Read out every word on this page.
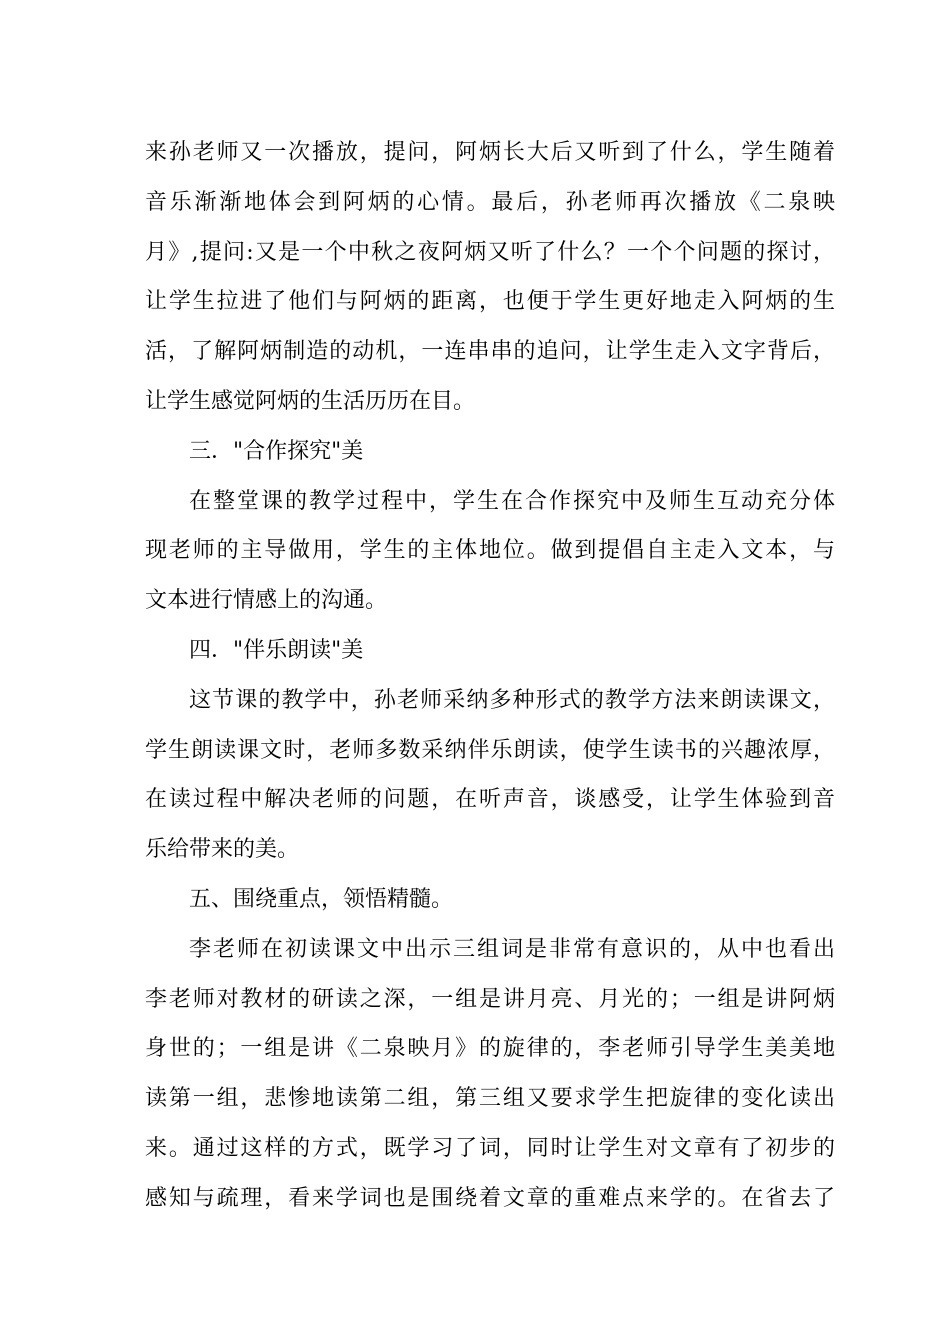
来孙老师又一次播放，提问，阿炳长大后又听到了什么，学生随着
音乐渐渐地体会到阿炳的心情。最后，孙老师再次播放《二泉映
月》,提问:又是一个中秋之夜阿炳又听了什么？一个个问题的探讨，
让学生拉进了他们与阿炳的距离，也便于学生更好地走入阿炳的生
活，了解阿炳制造的动机，一连串串的追问，让学生走入文字背后，
让学生感觉阿炳的生活历历在目。
三．"合作探究"美
在整堂课的教学过程中，学生在合作探究中及师生互动充分体
现老师的主导做用，学生的主体地位。做到提倡自主走入文本，与
文本进行情感上的沟通。
四．"伴乐朗读"美
这节课的教学中，孙老师采纳多种形式的教学方法来朗读课文，
学生朗读课文时，老师多数采纳伴乐朗读，使学生读书的兴趣浓厚，
在读过程中解决老师的问题，在听声音，谈感受，让学生体验到音
乐给带来的美。
五、围绕重点，领悟精髓。
李老师在初读课文中出示三组词是非常有意识的，从中也看出
李老师对教材的研读之深，一组是讲月亮、月光的；一组是讲阿炳
身世的；一组是讲《二泉映月》的旋律的，李老师引导学生美美地
读第一组，悲惨地读第二组，第三组又要求学生把旋律的变化读出
来。通过这样的方式，既学习了词，同时让学生对文章有了初步的
感知与疏理，看来学词也是围绕着文章的重难点来学的。在省去了
